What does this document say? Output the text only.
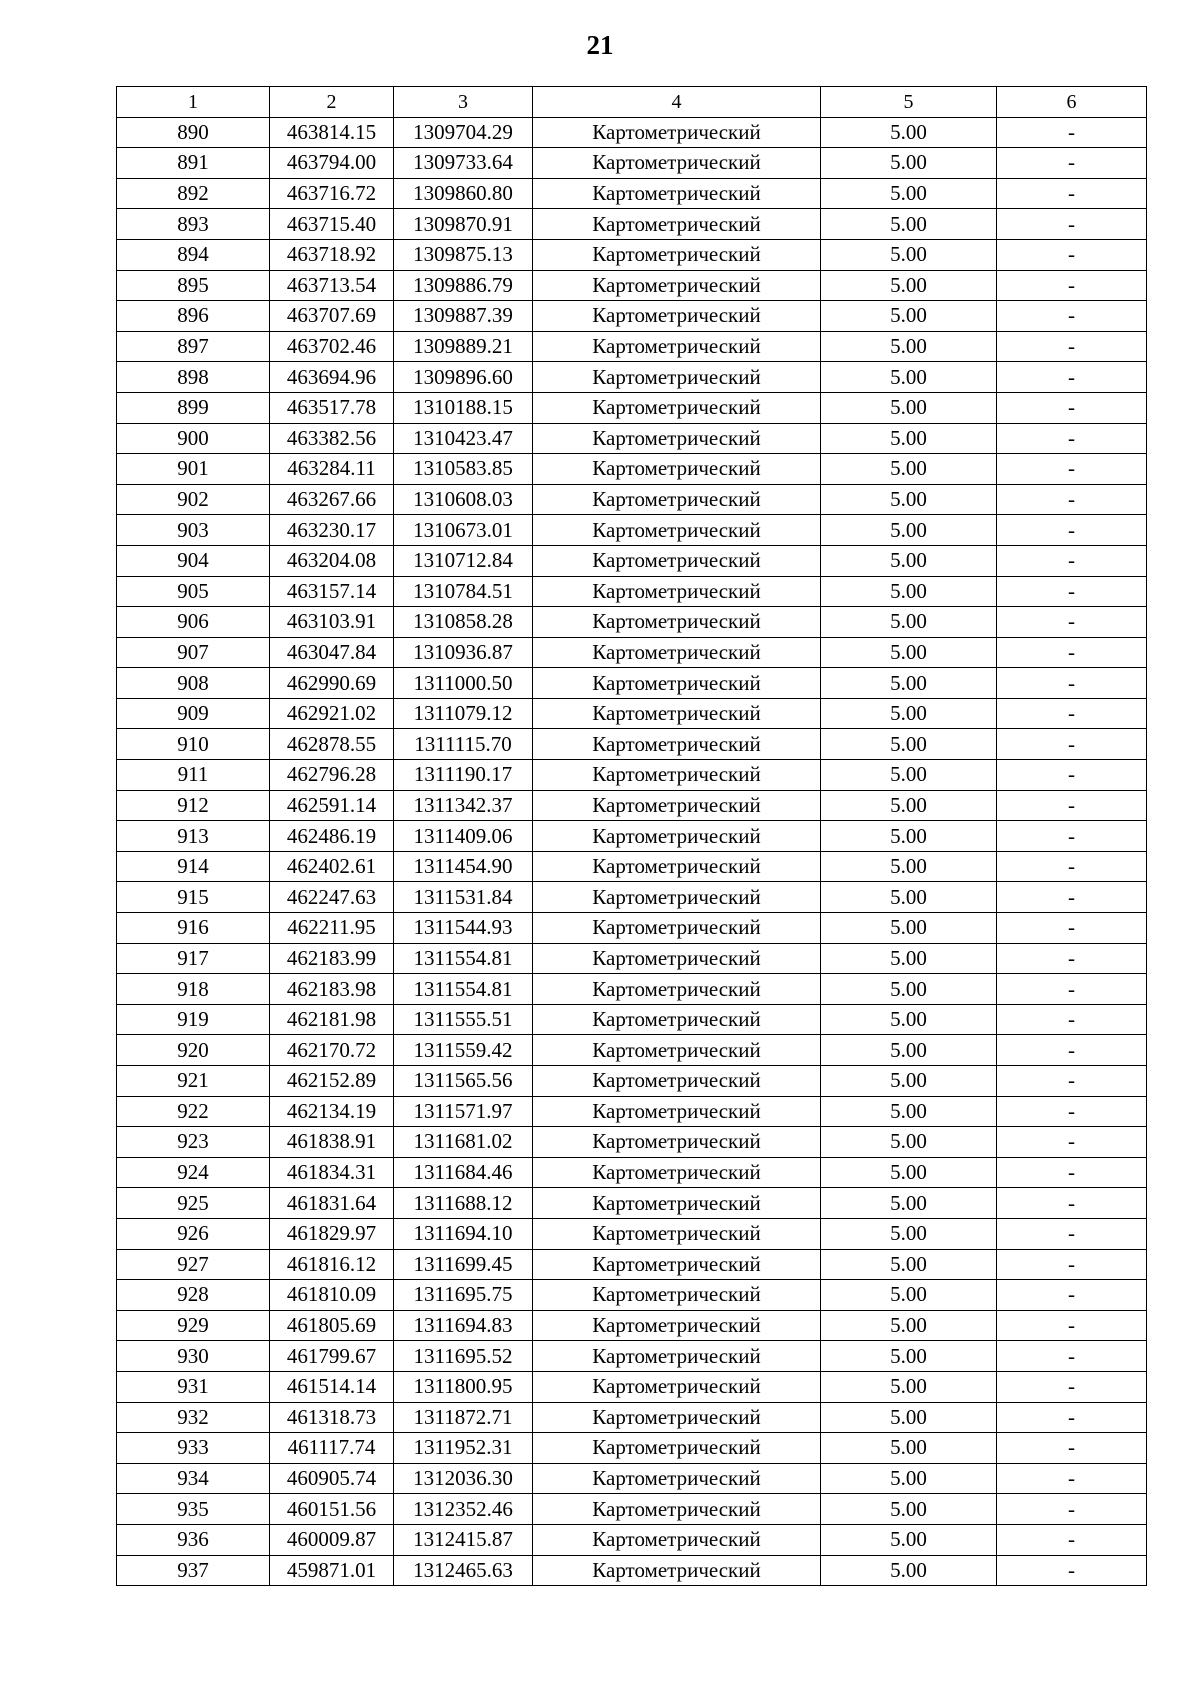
21
1	2	3	4	5	6
890	463814.15	1309704.29	Картометрический	5.00	-
891	463794.00	1309733.64	Картометрический	5.00	-
892	463716.72	1309860.80	Картометрический	5.00	-
893	463715.40	1309870.91	Картометрический	5.00	-
894	463718.92	1309875.13	Картометрический	5.00	-
895	463713.54	1309886.79	Картометрический	5.00	-
896	463707.69	1309887.39	Картометрический	5.00	-
897	463702.46	1309889.21	Картометрический	5.00	-
898	463694.96	1309896.60	Картометрический	5.00	-
899	463517.78	1310188.15	Картометрический	5.00	-
900	463382.56	1310423.47	Картометрический	5.00	-
901	463284.11	1310583.85	Картометрический	5.00	-
902	463267.66	1310608.03	Картометрический	5.00	-
903	463230.17	1310673.01	Картометрический	5.00	-
904	463204.08	1310712.84	Картометрический	5.00	-
905	463157.14	1310784.51	Картометрический	5.00	-
906	463103.91	1310858.28	Картометрический	5.00	-
907	463047.84	1310936.87	Картометрический	5.00	-
908	462990.69	1311000.50	Картометрический	5.00	-
909	462921.02	1311079.12	Картометрический	5.00	-
910	462878.55	1311115.70	Картометрический	5.00	-
911	462796.28	1311190.17	Картометрический	5.00	-
912	462591.14	1311342.37	Картометрический	5.00	-
913	462486.19	1311409.06	Картометрический	5.00	-
914	462402.61	1311454.90	Картометрический	5.00	-
915	462247.63	1311531.84	Картометрический	5.00	-
916	462211.95	1311544.93	Картометрический	5.00	-
917	462183.99	1311554.81	Картометрический	5.00	-
918	462183.98	1311554.81	Картометрический	5.00	-
919	462181.98	1311555.51	Картометрический	5.00	-
920	462170.72	1311559.42	Картометрический	5.00	-
921	462152.89	1311565.56	Картометрический	5.00	-
922	462134.19	1311571.97	Картометрический	5.00	-
923	461838.91	1311681.02	Картометрический	5.00	-
924	461834.31	1311684.46	Картометрический	5.00	-
925	461831.64	1311688.12	Картометрический	5.00	-
926	461829.97	1311694.10	Картометрический	5.00	-
927	461816.12	1311699.45	Картометрический	5.00	-
928	461810.09	1311695.75	Картометрический	5.00	-
929	461805.69	1311694.83	Картометрический	5.00	-
930	461799.67	1311695.52	Картометрический	5.00	-
931	461514.14	1311800.95	Картометрический	5.00	-
932	461318.73	1311872.71	Картометрический	5.00	-
933	461117.74	1311952.31	Картометрический	5.00	-
934	460905.74	1312036.30	Картометрический	5.00	-
935	460151.56	1312352.46	Картометрический	5.00	-
936	460009.87	1312415.87	Картометрический	5.00	-
937	459871.01	1312465.63	Картометрический	5.00	-
